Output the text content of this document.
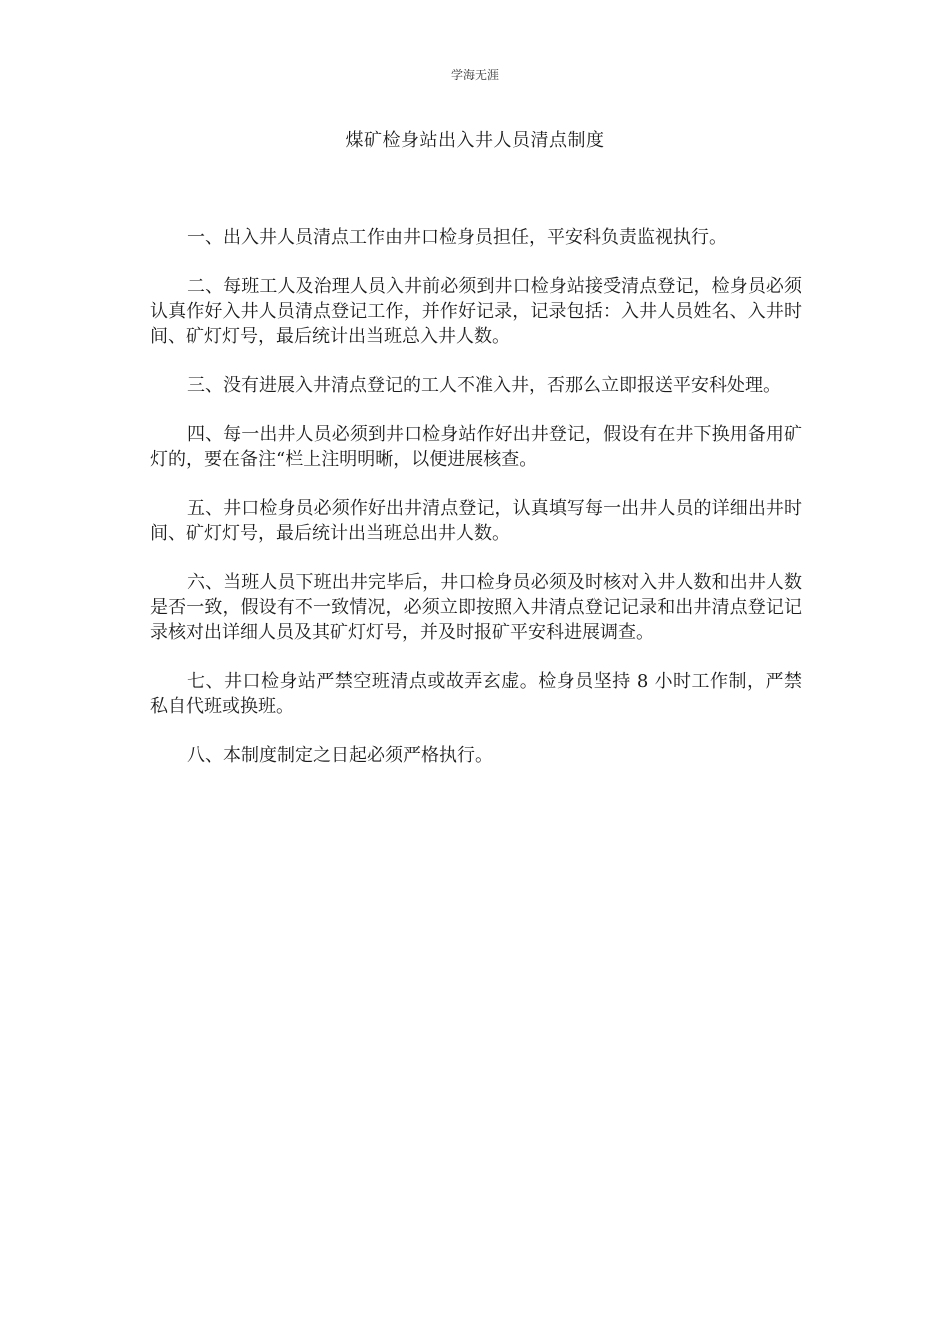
学海无涯
煤矿检身站出入井人员清点制度

一、出入井人员清点工作由井口检身员担任，平安科负责监视执行。

二、每班工人及治理人员入井前必须到井口检身站接受清点登记，检身员必须认真作好入井人员清点登记工作，并作好记录，记录包括：入井人员姓名、入井时间、矿灯灯号，最后统计出当班总入井人数。

三、没有进展入井清点登记的工人不准入井，否那么立即报送平安科处理。

四、每一出井人员必须到井口检身站作好出井登记，假设有在井下换用备用矿灯的，要在备注“栏上注明明晰，以便进展核查。

五、井口检身员必须作好出井清点登记，认真填写每一出井人员的详细出井时间、矿灯灯号，最后统计出当班总出井人数。

六、当班人员下班出井完毕后，井口检身员必须及时核对入井人数和出井人数是否一致，假设有不一致情况，必须立即按照入井清点登记记录和出井清点登记记录核对出详细人员及其矿灯灯号，并及时报矿平安科进展调查。

七、井口检身站严禁空班清点或故弄玄虚。检身员坚持 8 小时工作制，严禁私自代班或换班。

八、本制度制定之日起必须严格执行。
